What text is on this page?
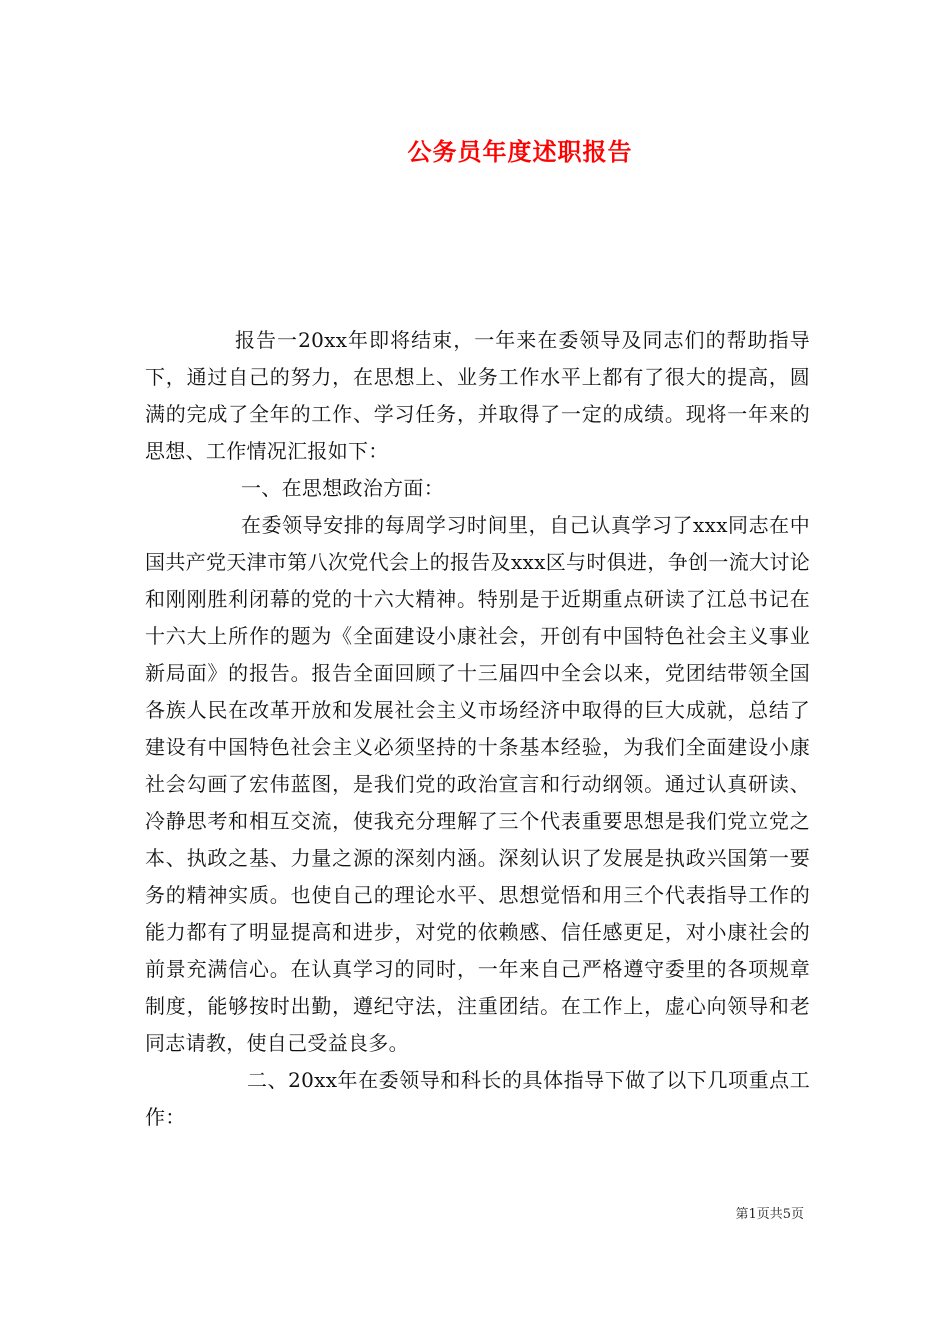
公务员年度述职报告

报告一20xx年即将结束，一年来在委领导及同志们的帮助指导下，通过自己的努力，在思想上、业务工作水平上都有了很大的提高，圆满的完成了全年的工作、学习任务，并取得了一定的成绩。现将一年来的思想、工作情况汇报如下：

一、在思想政治方面：

在委领导安排的每周学习时间里，自己认真学习了xxx同志在中国共产党天津市第八次党代会上的报告及xxx区与时俱进，争创一流大讨论和刚刚胜利闭幕的党的十六大精神。特别是于近期重点研读了江总书记在十六大上所作的题为《全面建设小康社会，开创有中国特色社会主义事业新局面》的报告。报告全面回顾了十三届四中全会以来，党团结带领全国各族人民在改革开放和发展社会主义市场经济中取得的巨大成就，总结了建设有中国特色社会主义必须坚持的十条基本经验，为我们全面建设小康社会勾画了宏伟蓝图，是我们党的政治宣言和行动纲领。通过认真研读、冷静思考和相互交流，使我充分理解了三个代表重要思想是我们党立党之本、执政之基、力量之源的深刻内涵。深刻认识了发展是执政兴国第一要务的精神实质。也使自己的理论水平、思想觉悟和用三个代表指导工作的能力都有了明显提高和进步，对党的依赖感、信任感更足，对小康社会的前景充满信心。在认真学习的同时，一年来自己严格遵守委里的各项规章制度，能够按时出勤，遵纪守法，注重团结。在工作上，虚心向领导和老同志请教，使自己受益良多。

二、20xx年在委领导和科长的具体指导下做了以下几项重点工作：

第1页共5页
